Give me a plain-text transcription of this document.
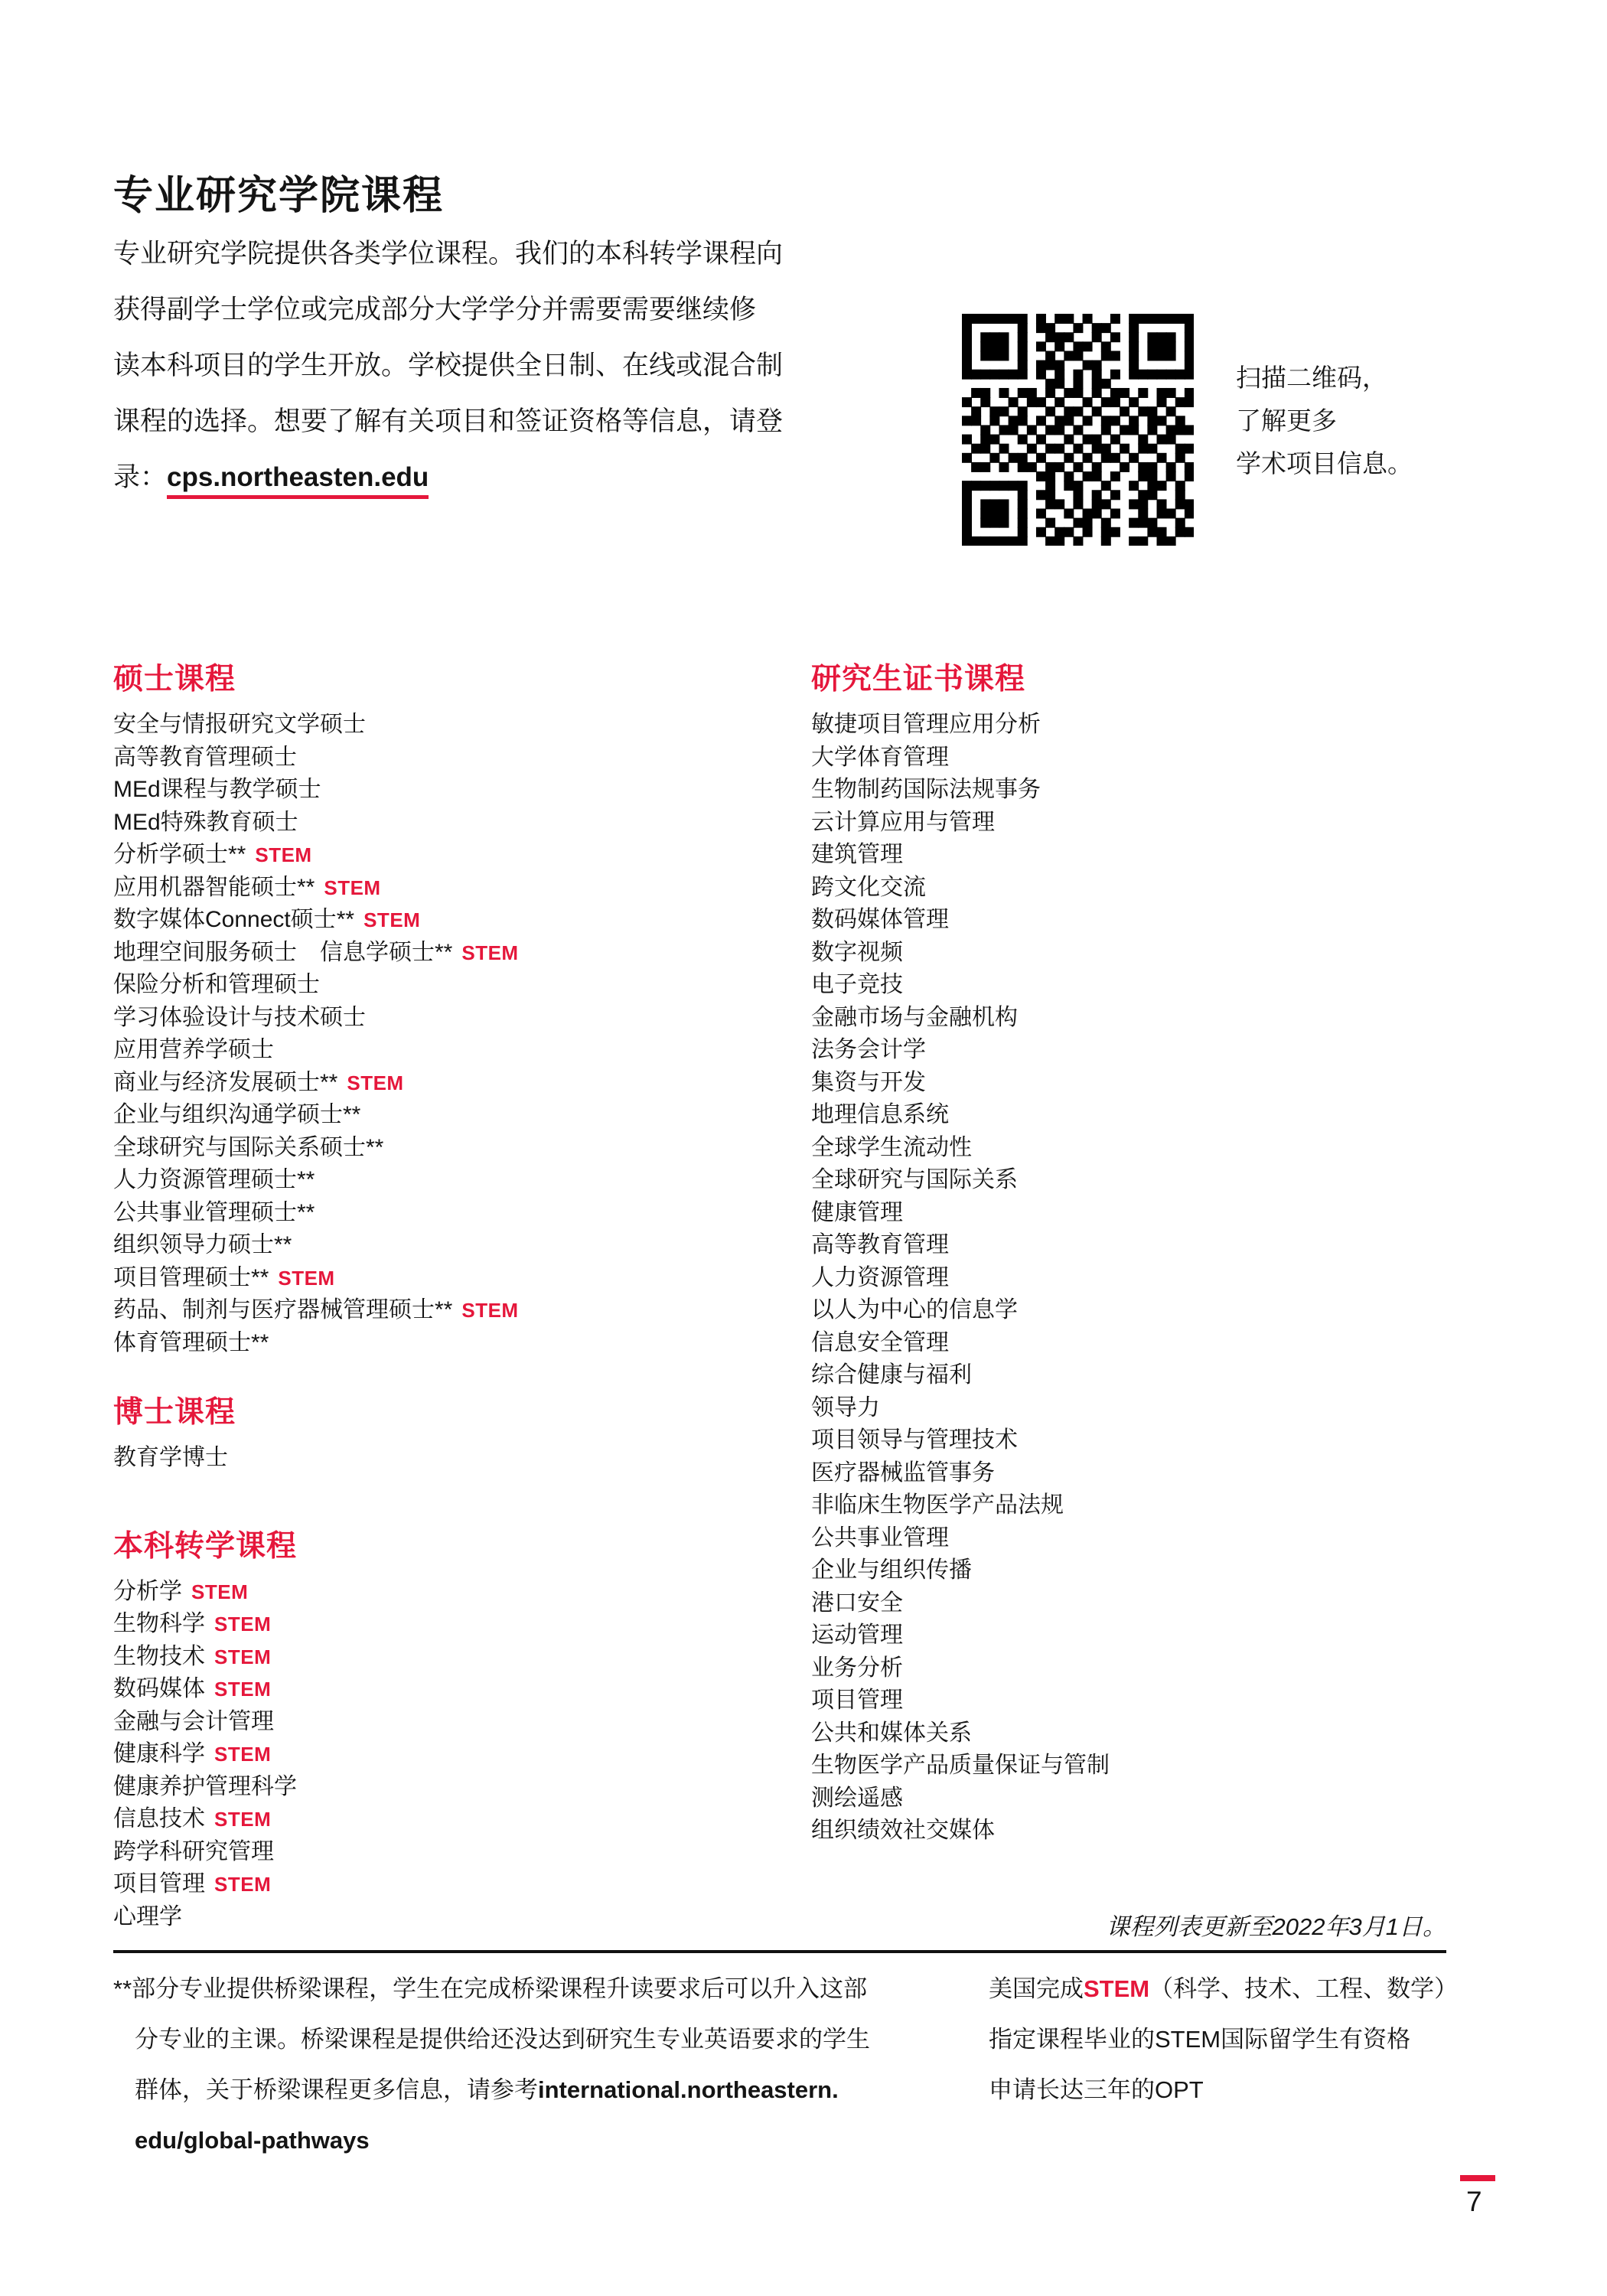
专业研究学院课程
专业研究学院提供各类学位课程。我们的本科转学课程向
获得副学士学位或完成部分大学学分并需要需要继续修
读本科项目的学生开放。学校提供全日制、在线或混合制
课程的选择。想要了解有关项目和签证资格等信息，请登
录：cps.northeasten.edu
扫描二维码，
了解更多
学术项目信息。
硕士课程
安全与情报研究文学硕士
高等教育管理硕士
MEd课程与教学硕士
MEd特殊教育硕士
分析学硕士** STEM
应用机器智能硕士** STEM
数字媒体Connect硕士** STEM
地理空间服务硕士　信息学硕士** STEM
保险分析和管理硕士
学习体验设计与技术硕士
应用营养学硕士
商业与经济发展硕士** STEM
企业与组织沟通学硕士**
全球研究与国际关系硕士**
人力资源管理硕士**
公共事业管理硕士**
组织领导力硕士**
项目管理硕士** STEM
药品、制剂与医疗器械管理硕士** STEM
体育管理硕士**
博士课程
教育学博士
本科转学课程
分析学 STEM
生物科学 STEM
生物技术 STEM
数码媒体 STEM
金融与会计管理
健康科学 STEM
健康养护管理科学
信息技术 STEM
跨学科研究管理
项目管理 STEM
心理学
研究生证书课程
敏捷项目管理应用分析
大学体育管理
生物制药国际法规事务
云计算应用与管理
建筑管理
跨文化交流
数码媒体管理
数字视频
电子竞技
金融市场与金融机构
法务会计学
集资与开发
地理信息系统
全球学生流动性
全球研究与国际关系
健康管理
高等教育管理
人力资源管理
以人为中心的信息学
信息安全管理
综合健康与福利
领导力
项目领导与管理技术
医疗器械监管事务
非临床生物医学产品法规
公共事业管理
企业与组织传播
港口安全
运动管理
业务分析
项目管理
公共和媒体关系
生物医学产品质量保证与管制
测绘遥感
组织绩效社交媒体
课程列表更新至2022年3月1日。
**部分专业提供桥梁课程，学生在完成桥梁课程升读要求后可以升入这部
分专业的主课。桥梁课程是提供给还没达到研究生专业英语要求的学生
群体，关于桥梁课程更多信息，请参考international.northeastern.
edu/global-pathways
美国完成STEM（科学、技术、工程、数学）
指定课程毕业的STEM国际留学生有资格
申请长达三年的OPT
7
